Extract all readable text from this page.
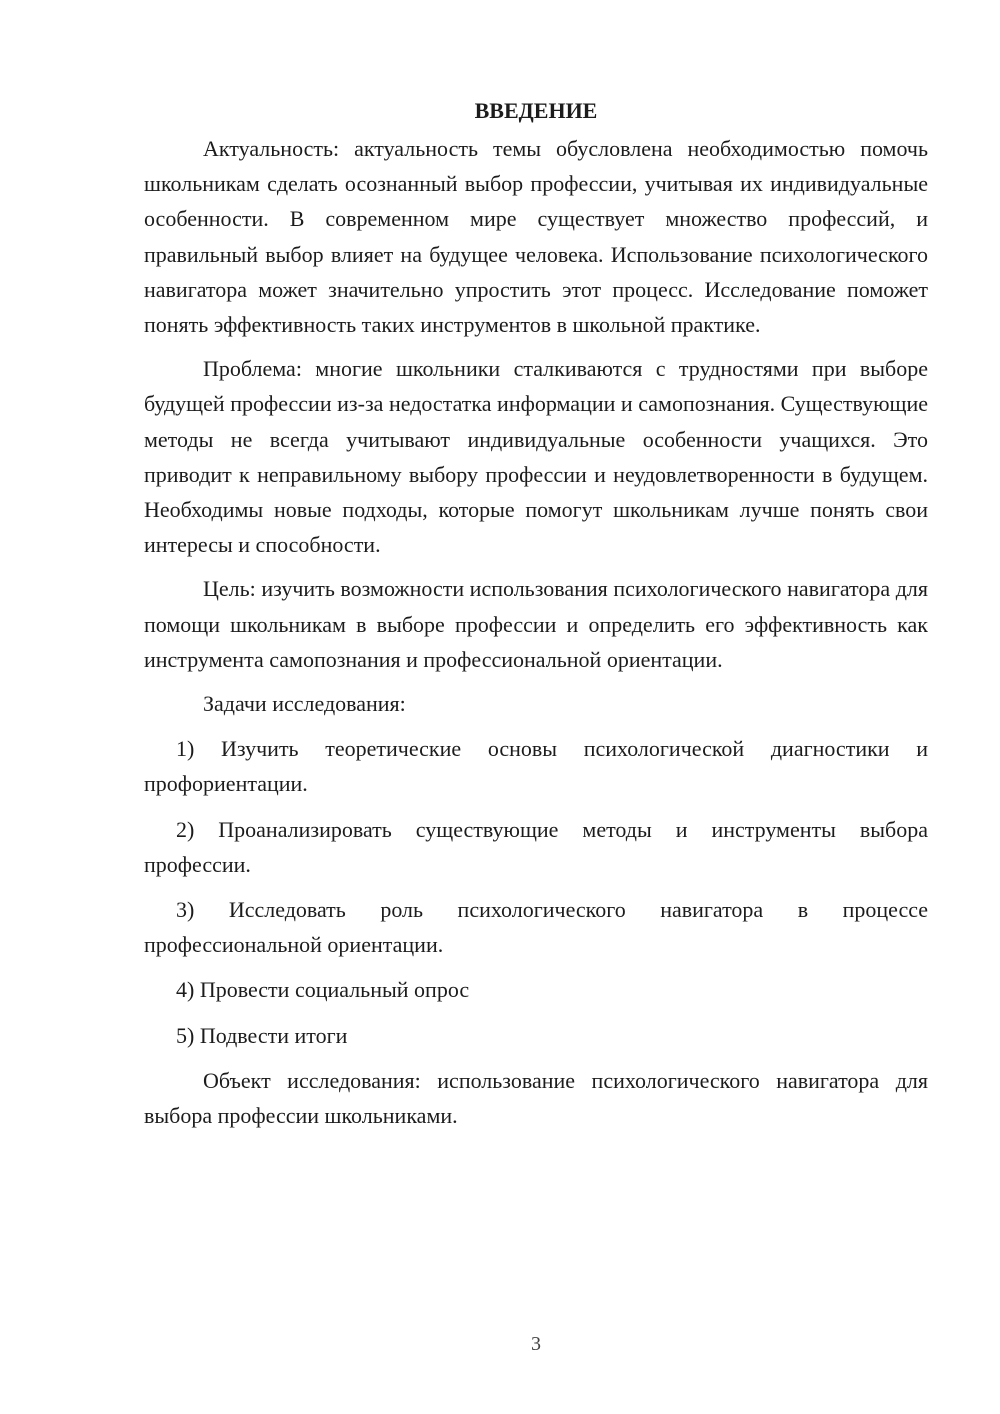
ВВЕДЕНИЕ

Актуальность: актуальность темы обусловлена необходимостью помочь школьникам сделать осознанный выбор профессии, учитывая их индивидуальные особенности. В современном мире существует множество профессий, и правильный выбор влияет на будущее человека. Использование психологического навигатора может значительно упростить этот процесс. Исследование поможет понять эффективность таких инструментов в школьной практике.

Проблема: многие школьники сталкиваются с трудностями при выборе будущей профессии из-за недостатка информации и самопознания. Существующие методы не всегда учитывают индивидуальные особенности учащихся. Это приводит к неправильному выбору профессии и неудовлетворенности в будущем. Необходимы новые подходы, которые помогут школьникам лучше понять свои интересы и способности.

Цель: изучить возможности использования психологического навигатора для помощи школьникам в выборе профессии и определить его эффективность как инструмента самопознания и профессиональной ориентации.

Задачи исследования:

1) Изучить теоретические основы психологической диагностики и профориентации.

2) Проанализировать существующие методы и инструменты выбора профессии.

3) Исследовать роль психологического навигатора в процессе профессиональной ориентации.

4) Провести социальный опрос

5) Подвести итоги

Объект исследования: использование психологического навигатора для выбора профессии школьниками.

3
